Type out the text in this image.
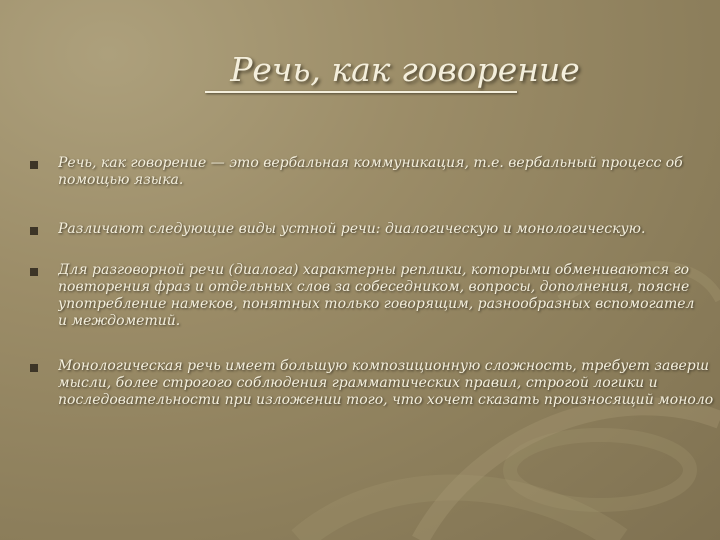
Речь, как говорение
Речь, как говорение — это вербальная коммуникация, т.е. вербальный процесс об
помощью языка.
Различают следующие виды устной речи: диалогическую и монологическую.
Для разговорной речи (диалога) характерны реплики, которыми обмениваются го
повторения фраз и отдельных слов за собеседником, вопросы, дополнения, поясне
употребление намеков, понятных только говорящим, разнообразных вспомогател
и междометий.
Монологическая речь имеет большую композиционную сложность, требует заверш
мысли, более строгого соблюдения грамматических правил, строгой логики и
последовательности при изложении того, что хочет сказать произносящий моноло
